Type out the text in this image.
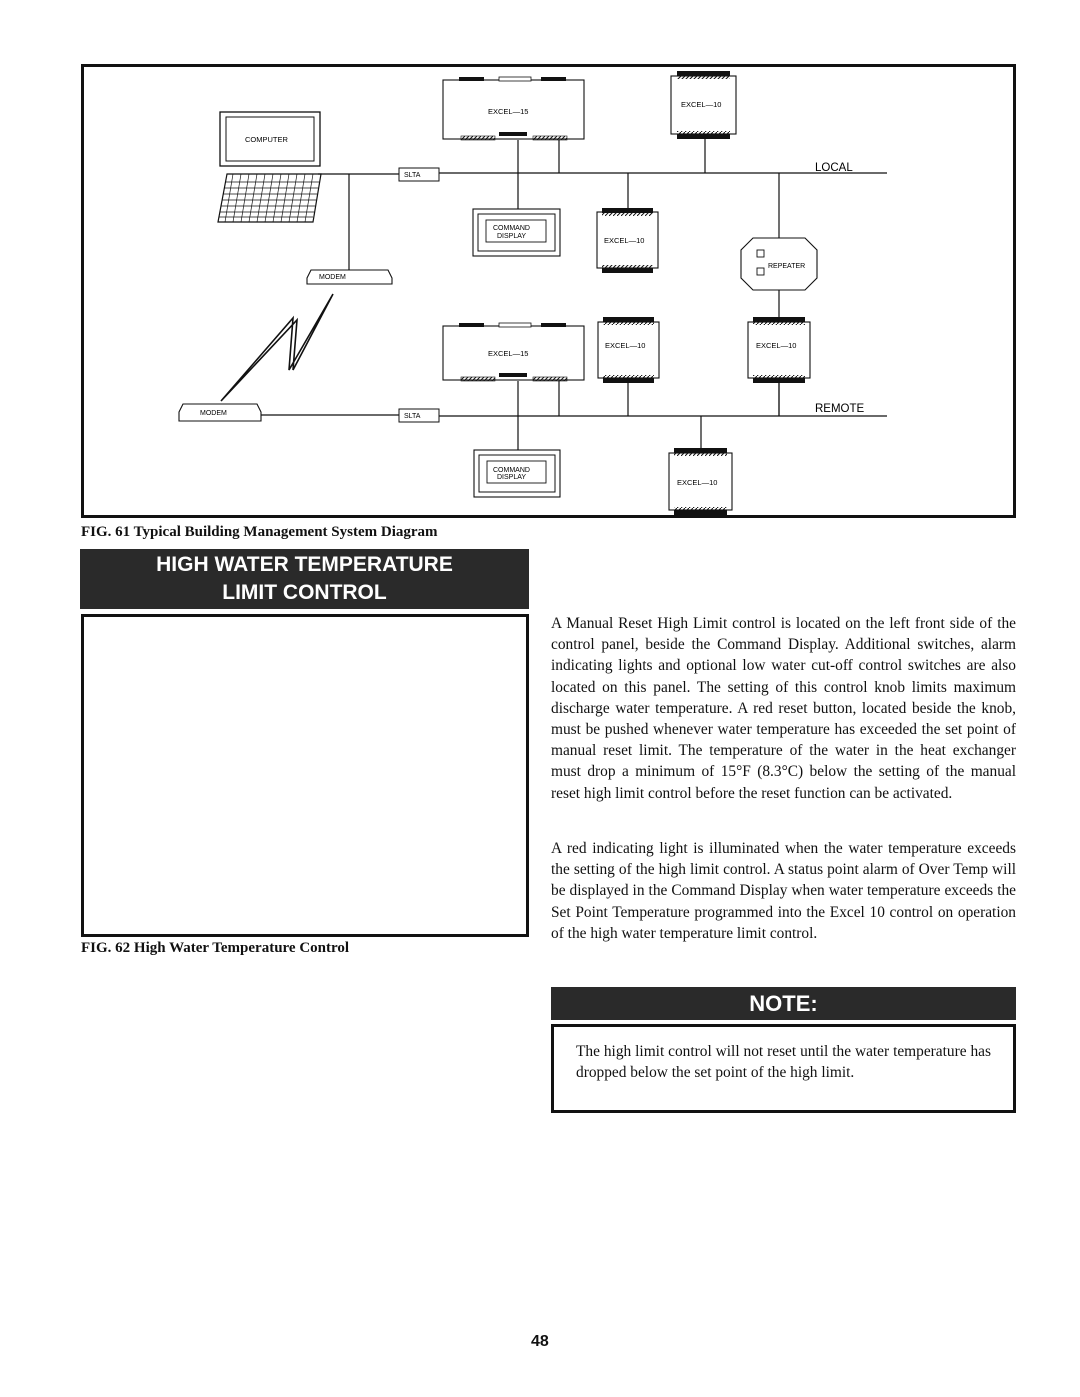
LOCAL
REMOTE
COMPUTER
SLTA
MODEM
MODEM	SLTA
EXCEL—15
EXCEL—10
COMMAND
DISPLAY	EXCEL—10
REPEATER
EXCEL—15
EXCEL—10	EXCEL—10
COMMAND
DISPLAY
EXCEL—10
FIG. 61 Typical Building Management System Diagram
HIGH WATER TEMPERATURE
LIMIT CONTROL
FIG. 62 High Water Temperature Control

A Manual Reset High Limit control is located on the left front side of the control panel, beside the Command Display. Additional switches, alarm indicating lights and optional low water cut-off control switches are also located on this panel. The setting of this control knob limits maximum discharge water temperature. A red reset button, located beside the knob, must be pushed whenever water temperature has exceeded the set point of manual reset limit. The temperature of the water in the heat exchanger must drop a minimum of 15°F (8.3°C) below the setting of the manual reset high limit control before the reset function can be activated.

A red indicating light is illuminated when the water temperature exceeds the setting of the high limit control. A status point alarm of Over Temp will be displayed in the Command Display when water temperature exceeds the Set Point Temperature programmed into the Excel 10 control on operation of the high water temperature limit control.

NOTE:

The high limit control will not reset until the water temperature has dropped below the set point of the high limit.

48
